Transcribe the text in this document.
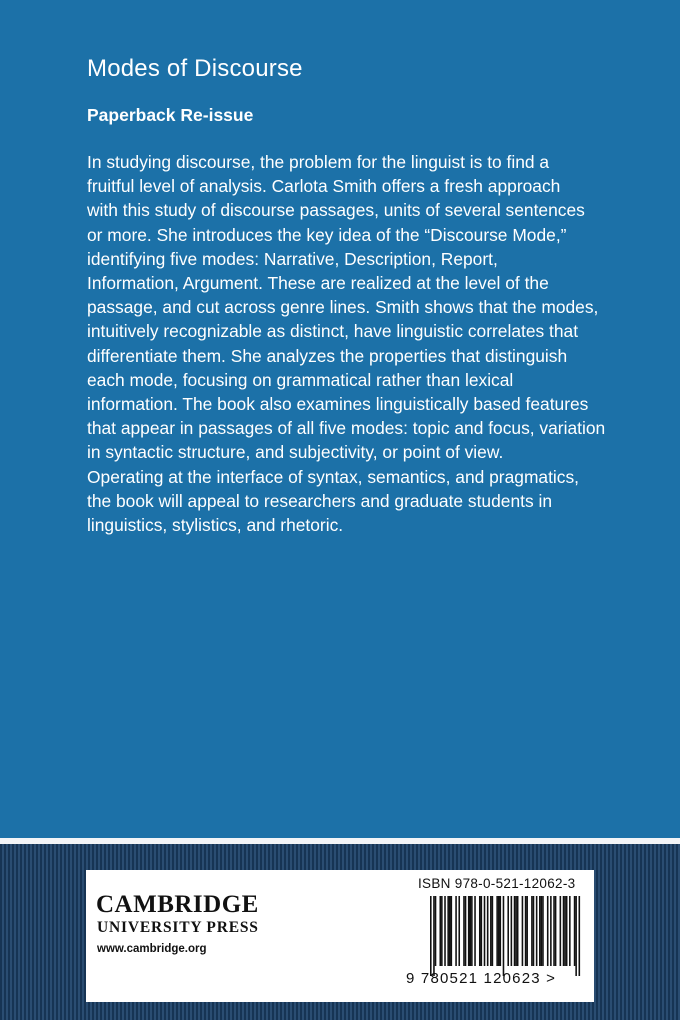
Modes of Discourse
Paperback Re-issue
In studying discourse, the problem for the linguist is to find a
fruitful level of analysis. Carlota Smith offers a fresh approach
with this study of discourse passages, units of several sentences
or more. She introduces the key idea of the “Discourse Mode,”
identifying five modes: Narrative, Description, Report,
Information, Argument. These are realized at the level of the
passage, and cut across genre lines. Smith shows that the modes,
intuitively recognizable as distinct, have linguistic correlates that
differentiate them. She analyzes the properties that distinguish
each mode, focusing on grammatical rather than lexical
information. The book also examines linguistically based features
that appear in passages of all five modes: topic and focus, variation
in syntactic structure, and subjectivity, or point of view.
Operating at the interface of syntax, semantics, and pragmatics,
the book will appeal to researchers and graduate students in
linguistics, stylistics, and rhetoric.
CAMBRIDGE
UNIVERSITY PRESS
www.cambridge.org
ISBN 978-0-521-12062-3
9 780521 120623 >
